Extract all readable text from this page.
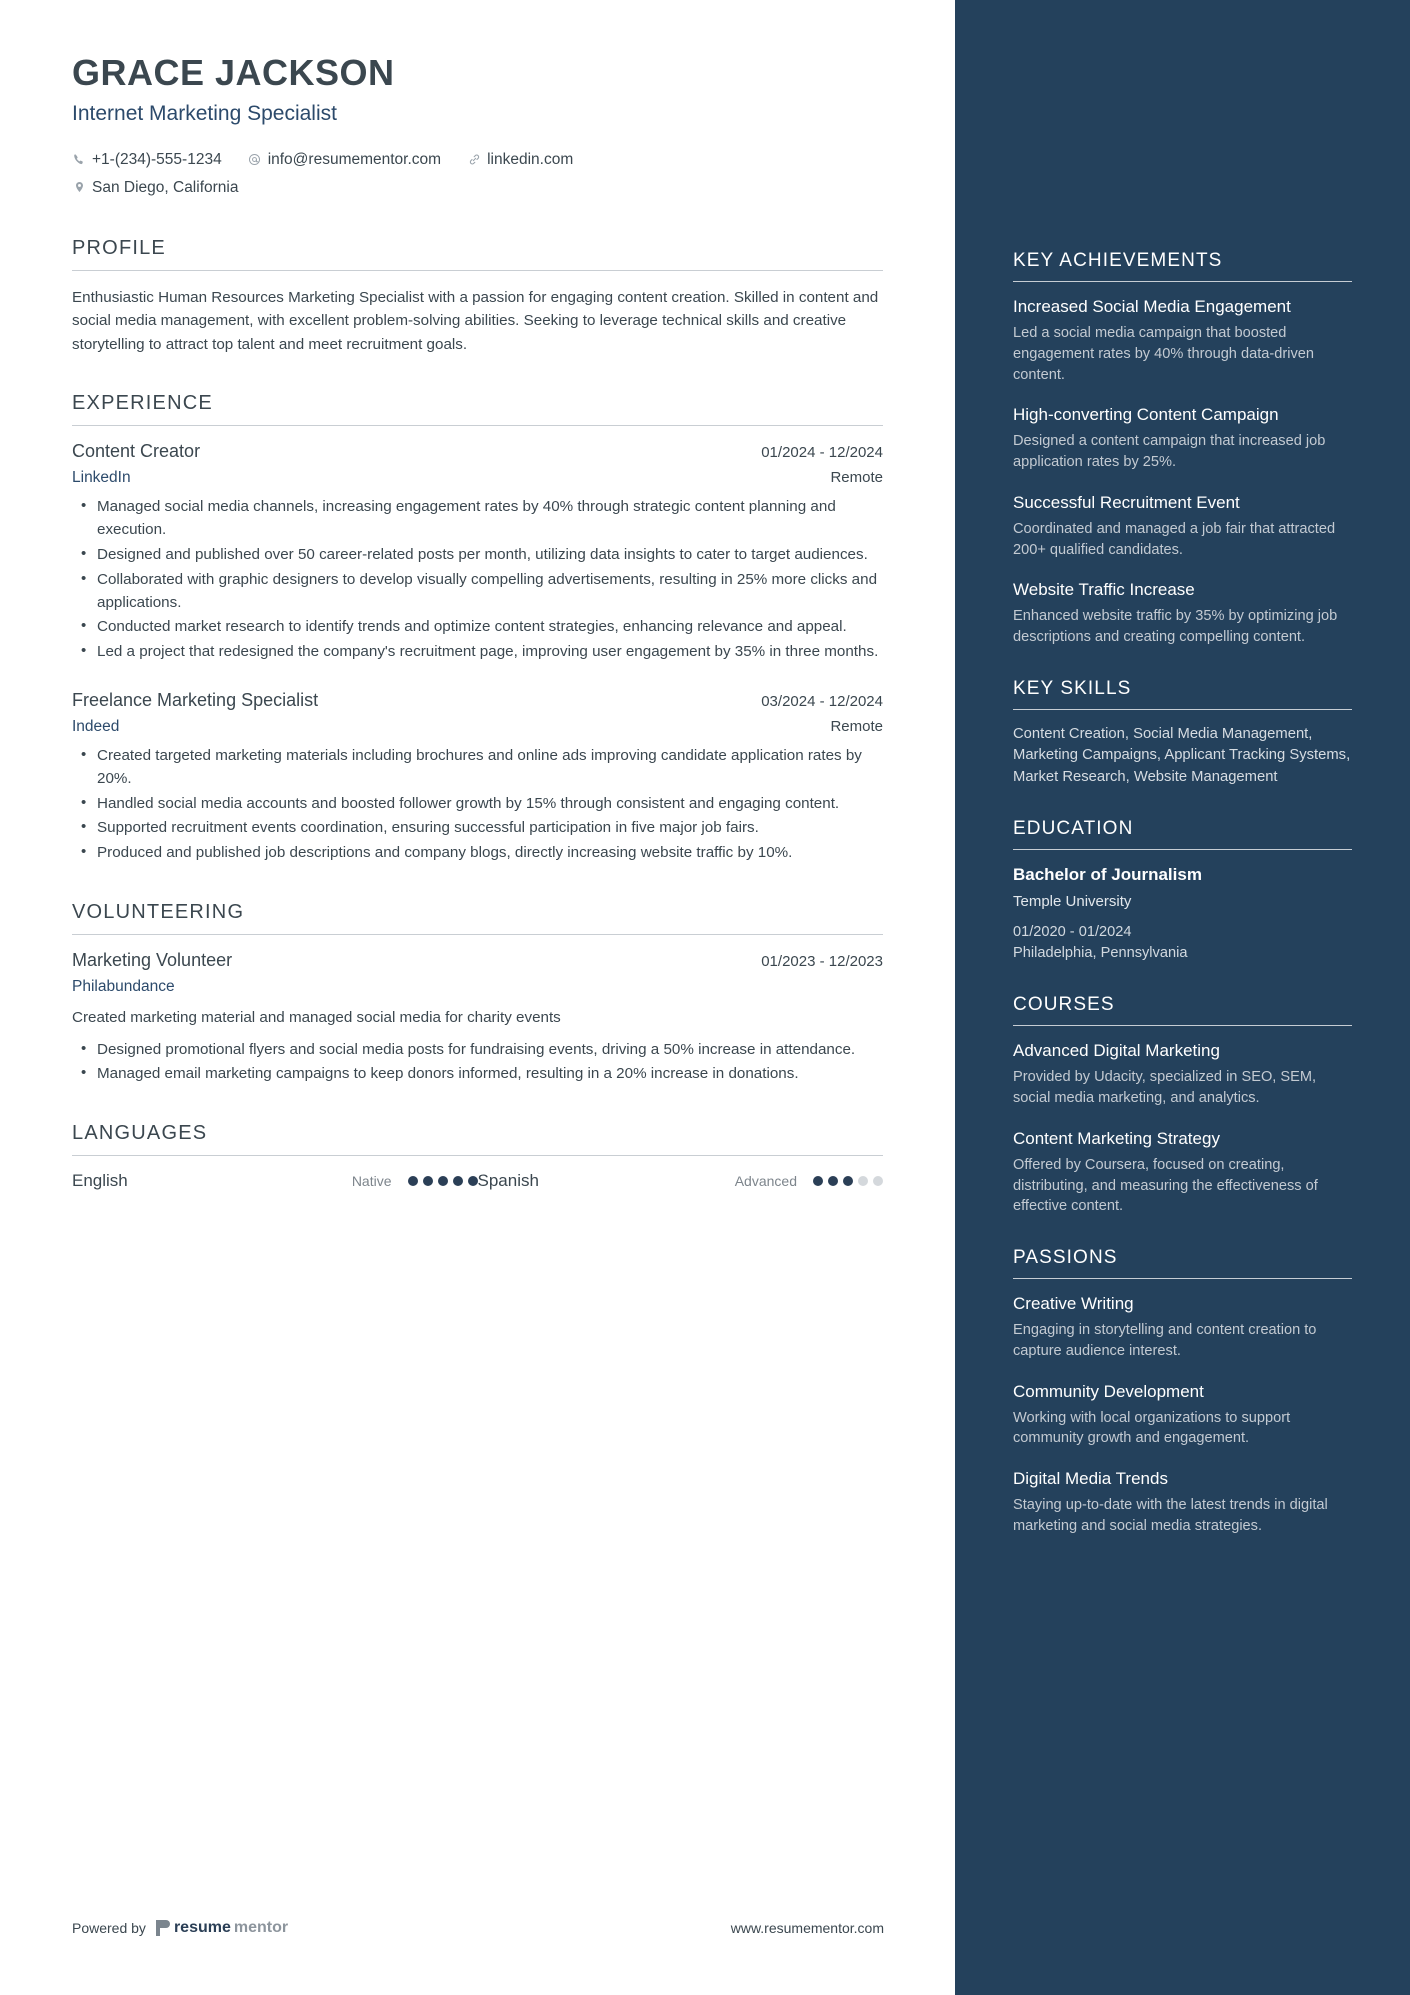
GRACE JACKSON
Internet Marketing Specialist
+1-(234)-555-1234	info@resumementor.com	linkedin.com
San Diego, California
PROFILE
Enthusiastic Human Resources Marketing Specialist with a passion for engaging content creation. Skilled in content and social media management, with excellent problem-solving abilities. Seeking to leverage technical skills and creative storytelling to attract top talent and meet recruitment goals.
EXPERIENCE
Content Creator	01/2024 - 12/2024
LinkedIn	Remote
• Managed social media channels, increasing engagement rates by 40% through strategic content planning and execution.
• Designed and published over 50 career-related posts per month, utilizing data insights to cater to target audiences.
• Collaborated with graphic designers to develop visually compelling advertisements, resulting in 25% more clicks and applications.
• Conducted market research to identify trends and optimize content strategies, enhancing relevance and appeal.
• Led a project that redesigned the company's recruitment page, improving user engagement by 35% in three months.
Freelance Marketing Specialist	03/2024 - 12/2024
Indeed	Remote
• Created targeted marketing materials including brochures and online ads improving candidate application rates by 20%.
• Handled social media accounts and boosted follower growth by 15% through consistent and engaging content.
• Supported recruitment events coordination, ensuring successful participation in five major job fairs.
• Produced and published job descriptions and company blogs, directly increasing website traffic by 10%.
VOLUNTEERING
Marketing Volunteer	01/2023 - 12/2023
Philabundance
Created marketing material and managed social media for charity events
• Designed promotional flyers and social media posts for fundraising events, driving a 50% increase in attendance.
• Managed email marketing campaigns to keep donors informed, resulting in a 20% increase in donations.
LANGUAGES
English	Native	Spanish	Advanced
Powered by resume mentor	www.resumementor.com
KEY ACHIEVEMENTS
Increased Social Media Engagement
Led a social media campaign that boosted engagement rates by 40% through data-driven content.
High-converting Content Campaign
Designed a content campaign that increased job application rates by 25%.
Successful Recruitment Event
Coordinated and managed a job fair that attracted 200+ qualified candidates.
Website Traffic Increase
Enhanced website traffic by 35% by optimizing job descriptions and creating compelling content.
KEY SKILLS
Content Creation, Social Media Management, Marketing Campaigns, Applicant Tracking Systems, Market Research, Website Management
EDUCATION
Bachelor of Journalism
Temple University
01/2020 - 01/2024
Philadelphia, Pennsylvania
COURSES
Advanced Digital Marketing
Provided by Udacity, specialized in SEO, SEM, social media marketing, and analytics.
Content Marketing Strategy
Offered by Coursera, focused on creating, distributing, and measuring the effectiveness of effective content.
PASSIONS
Creative Writing
Engaging in storytelling and content creation to capture audience interest.
Community Development
Working with local organizations to support community growth and engagement.
Digital Media Trends
Staying up-to-date with the latest trends in digital marketing and social media strategies.
